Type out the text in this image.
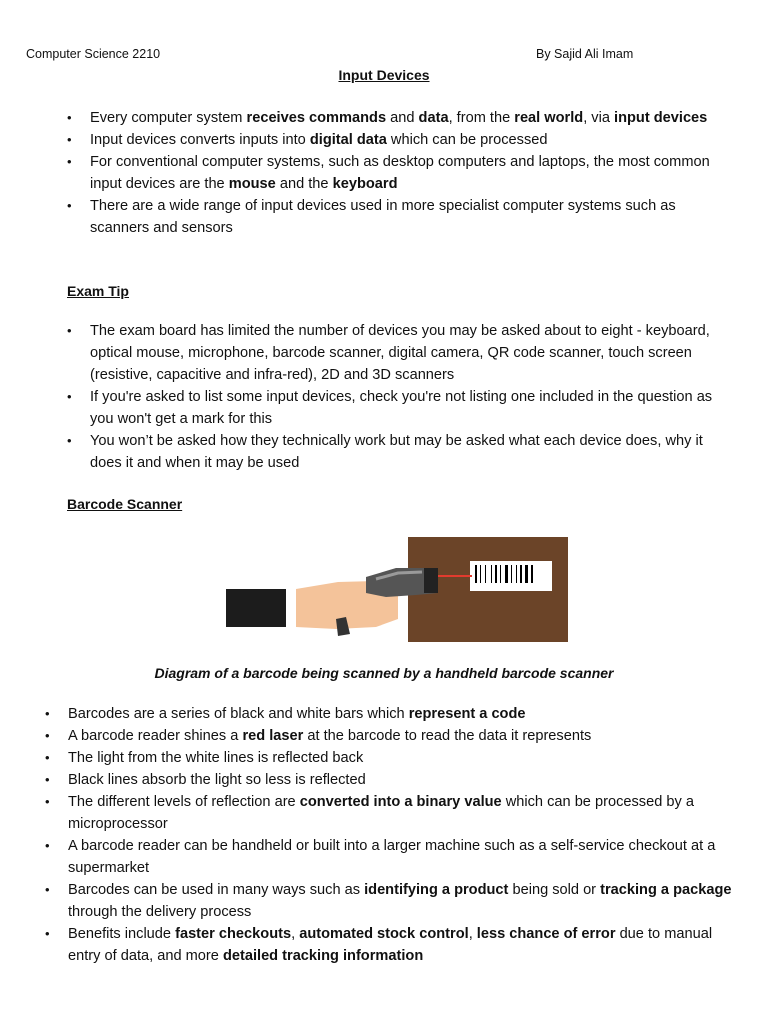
Computer Science 2210	By Sajid Ali Imam
Input Devices
• Every computer system receives commands and data, from the real world, via input devices
• Input devices converts inputs into digital data which can be processed
• For conventional computer systems, such as desktop computers and laptops, the most common input devices are the mouse and the keyboard
• There are a wide range of input devices used in more specialist computer systems such as scanners and sensors
Exam Tip
• The exam board has limited the number of devices you may be asked about to eight - keyboard, optical mouse, microphone, barcode scanner, digital camera, QR code scanner, touch screen (resistive, capacitive and infra-red), 2D and 3D scanners
• If you're asked to list some input devices, check you're not listing one included in the question as you won't get a mark for this
• You won’t be asked how they technically work but may be asked what each device does, why it does it and when it may be used
Barcode Scanner
Diagram of a barcode being scanned by a handheld barcode scanner
• Barcodes are a series of black and white bars which represent a code
• A barcode reader shines a red laser at the barcode to read the data it represents
• The light from the white lines is reflected back
• Black lines absorb the light so less is reflected
• The different levels of reflection are converted into a binary value which can be processed by a microprocessor
• A barcode reader can be handheld or built into a larger machine such as a self-service checkout at a supermarket
• Barcodes can be used in many ways such as identifying a product being sold or tracking a package through the delivery process
• Benefits include faster checkouts, automated stock control, less chance of error due to manual entry of data, and more detailed tracking information
